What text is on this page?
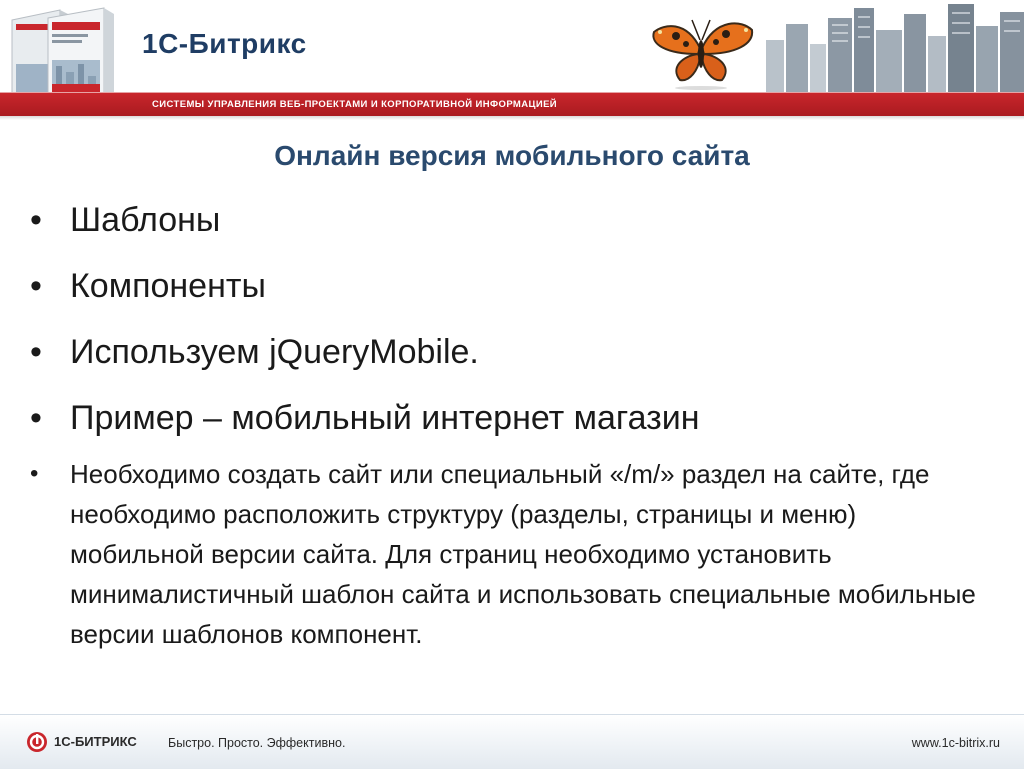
1С-Битрикс
СИСТЕМЫ УПРАВЛЕНИЯ ВЕБ-ПРОЕКТАМИ И КОРПОРАТИВНОЙ ИНФОРМАЦИЕЙ
Онлайн версия мобильного сайта
• Шаблоны
• Компоненты
• Используем jQueryMobile.
• Пример – мобильный интернет магазин
• Необходимо создать сайт или специальный «/m/» раздел на сайте, где необходимо расположить структуру (разделы, страницы и меню) мобильной версии сайта. Для страниц необходимо установить минималистичный шаблон сайта и использовать специальные мобильные версии шаблонов компонент.
1С-БИТРИКС	Быстро. Просто. Эффективно.	www.1c-bitrix.ru
